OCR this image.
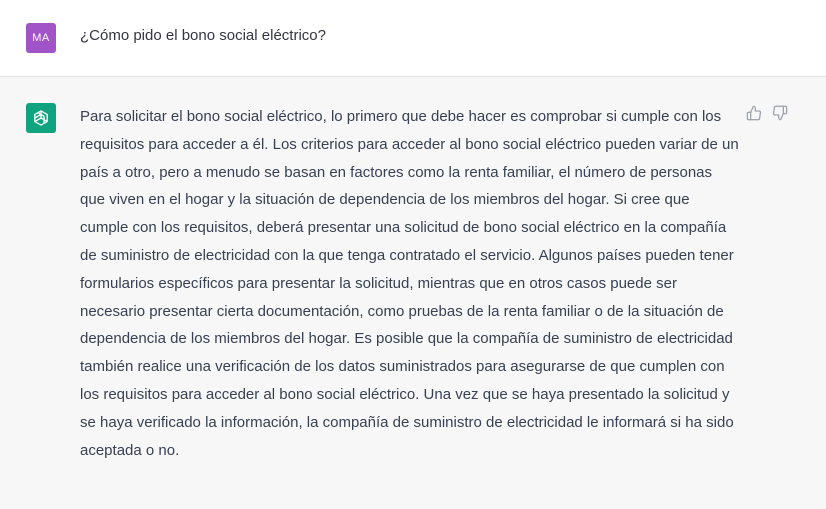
MA ¿Cómo pido el bono social eléctrico?
Para solicitar el bono social eléctrico, lo primero que debe hacer es comprobar si cumple con los requisitos para acceder a él. Los criterios para acceder al bono social eléctrico pueden variar de un país a otro, pero a menudo se basan en factores como la renta familiar, el número de personas que viven en el hogar y la situación de dependencia de los miembros del hogar. Si cree que cumple con los requisitos, deberá presentar una solicitud de bono social eléctrico en la compañía de suministro de electricidad con la que tenga contratado el servicio. Algunos países pueden tener formularios específicos para presentar la solicitud, mientras que en otros casos puede ser necesario presentar cierta documentación, como pruebas de la renta familiar o de la situación de dependencia de los miembros del hogar. Es posible que la compañía de suministro de electricidad también realice una verificación de los datos suministrados para asegurarse de que cumplen con los requisitos para acceder al bono social eléctrico. Una vez que se haya presentado la solicitud y se haya verificado la información, la compañía de suministro de electricidad le informará si ha sido aceptada o no.
